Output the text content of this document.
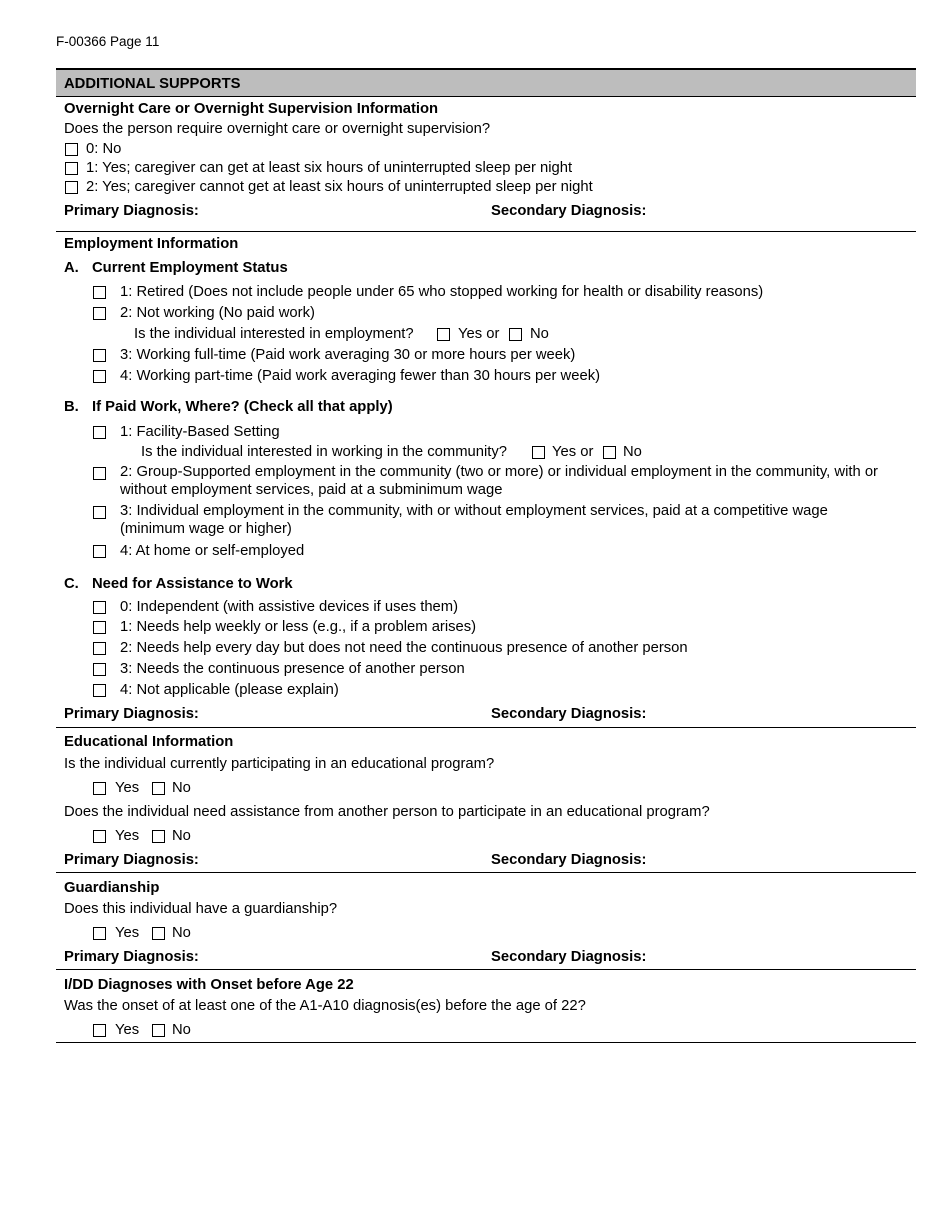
F-00366 Page 11
ADDITIONAL SUPPORTS
Overnight Care or Overnight Supervision Information
Does the person require overnight care or overnight supervision?
0: No
1: Yes; caregiver can get at least six hours of uninterrupted sleep per night
2: Yes; caregiver cannot get at least six hours of uninterrupted sleep per night
Primary Diagnosis:	Secondary Diagnosis:
Employment Information
A. Current Employment Status
1: Retired (Does not include people under 65 who stopped working for health or disability reasons)
2: Not working (No paid work)
Is the individual interested in employment?	Yes or No
3: Working full-time (Paid work averaging 30 or more hours per week)
4: Working part-time (Paid work averaging fewer than 30 hours per week)
B. If Paid Work, Where? (Check all that apply)
1: Facility-Based Setting
Is the individual interested in working in the community?	Yes or No
2: Group-Supported employment in the community (two or more) or individual employment in the community, with or without employment services, paid at a subminimum wage
3: Individual employment in the community, with or without employment services, paid at a competitive wage (minimum wage or higher)
4: At home or self-employed
C. Need for Assistance to Work
0: Independent (with assistive devices if uses them)
1: Needs help weekly or less (e.g., if a problem arises)
2: Needs help every day but does not need the continuous presence of another person
3: Needs the continuous presence of another person
4: Not applicable (please explain)
Primary Diagnosis:	Secondary Diagnosis:
Educational Information
Is the individual currently participating in an educational program?
Yes No
Does the individual need assistance from another person to participate in an educational program?
Yes No
Primary Diagnosis:	Secondary Diagnosis:
Guardianship
Does this individual have a guardianship?
Yes No
Primary Diagnosis:	Secondary Diagnosis:
I/DD Diagnoses with Onset before Age 22
Was the onset of at least one of the A1-A10 diagnosis(es) before the age of 22?
Yes No
